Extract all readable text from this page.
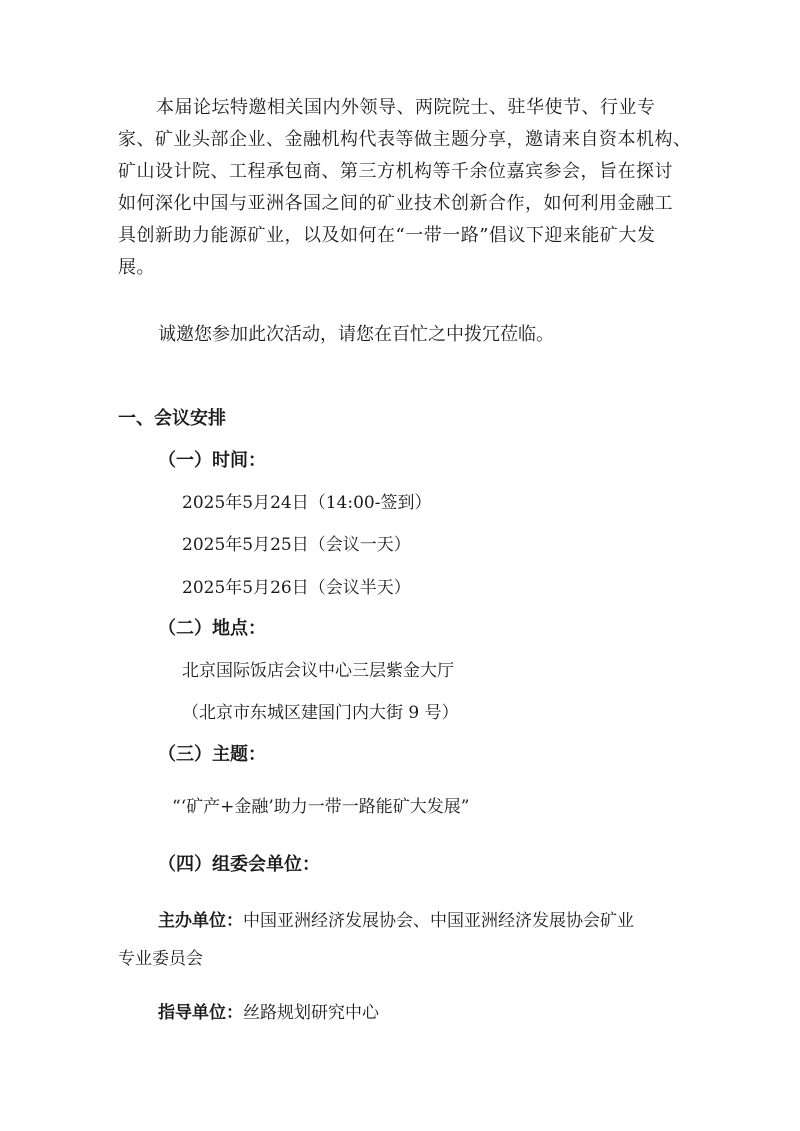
本届论坛特邀相关国内外领导、两院院士、驻华使节、行业专
家、矿业头部企业、金融机构代表等做主题分享，邀请来自资本机构、
矿山设计院、工程承包商、第三方机构等千余位嘉宾参会，旨在探讨
如何深化中国与亚洲各国之间的矿业技术创新合作，如何利用金融工
具创新助力能源矿业，以及如何在“一带一路”倡议下迎来能矿大发
展。

诚邀您参加此次活动，请您在百忙之中拨冗莅临。

一、会议安排

（一）时间：

2025年5月24日（14:00-签到）

2025年5月25日（会议一天）

2025年5月26日（会议半天）

（二）地点：

北京国际饭店会议中心三层紫金大厅

（北京市东城区建国门内大街 9 号）

（三）主题：

“‘矿产+金融’助力一带一路能矿大发展”

（四）组委会单位：

主办单位：中国亚洲经济发展协会、中国亚洲经济发展协会矿业

专业委员会

指导单位：丝路规划研究中心
